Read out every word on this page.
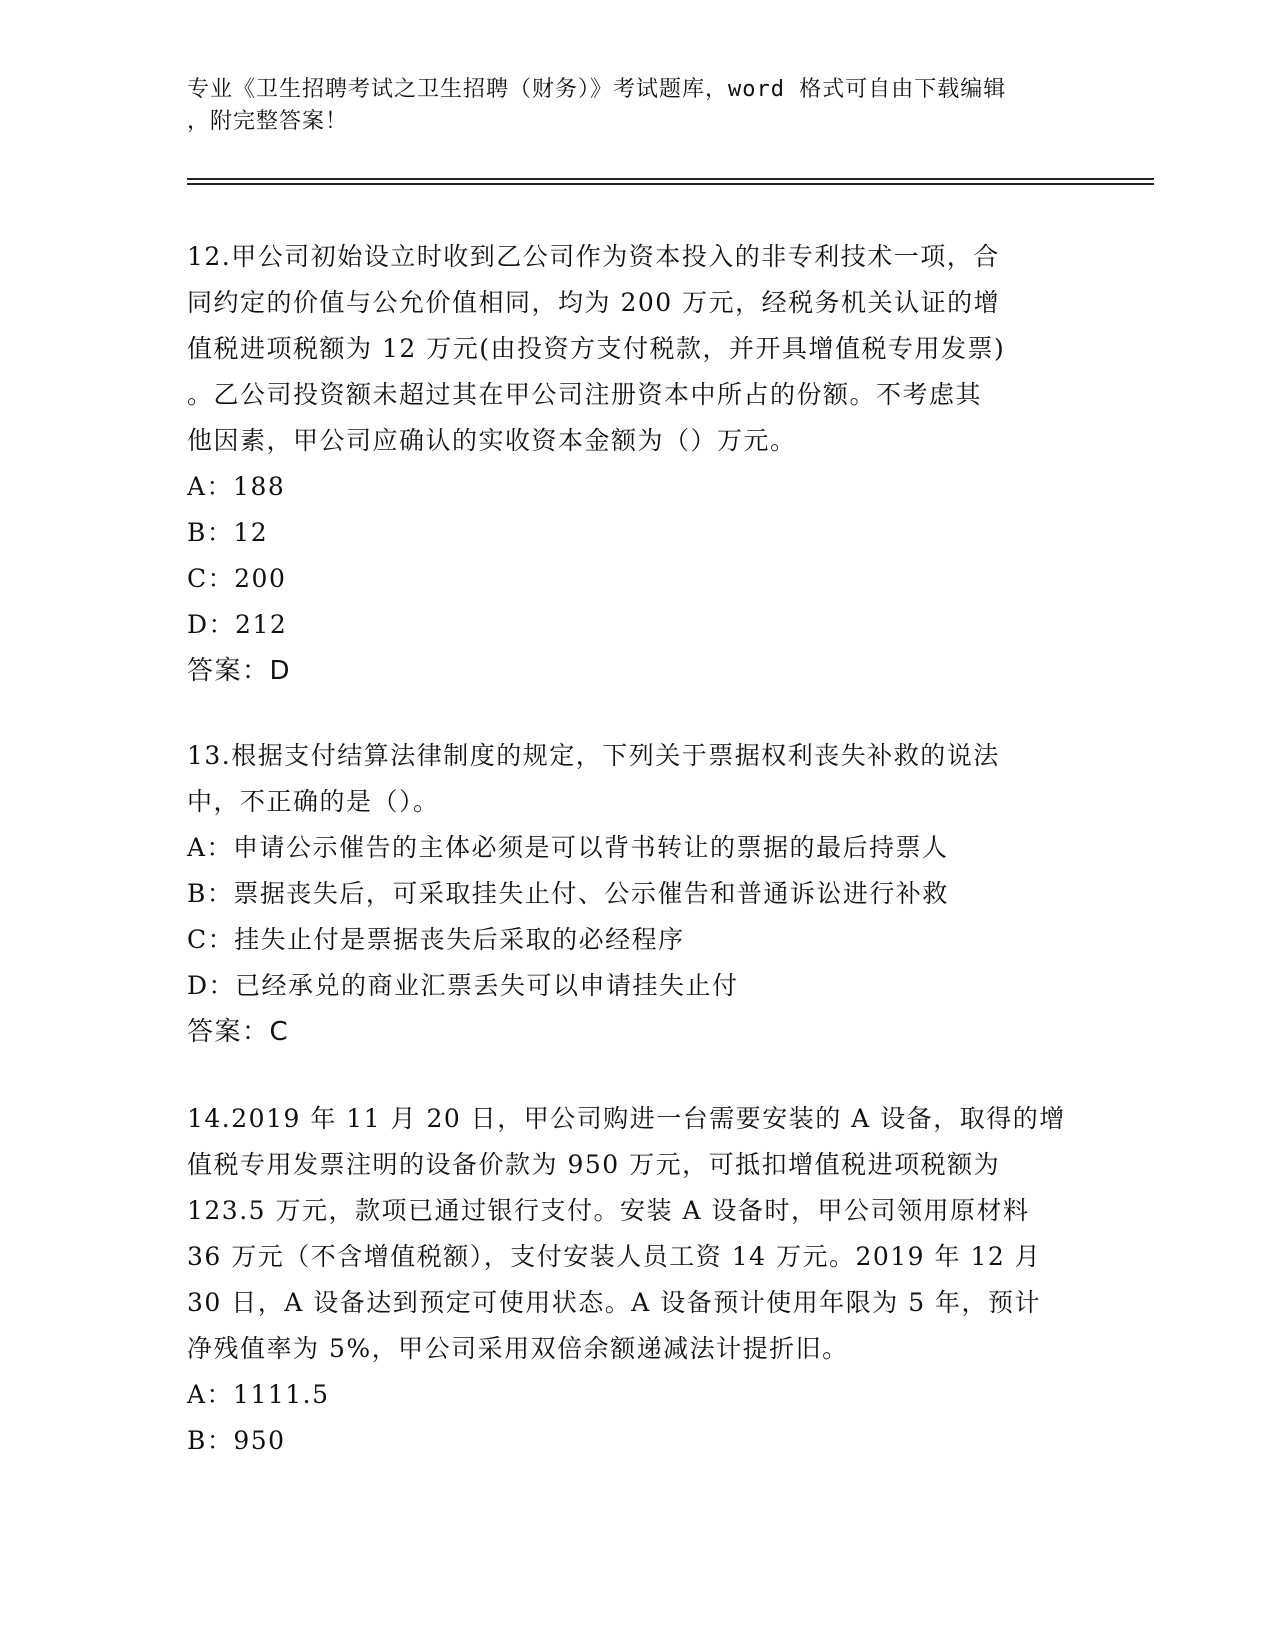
专业《卫生招聘考试之卫生招聘（财务）》考试题库，word 格式可自由下载编辑
，附完整答案！
12.甲公司初始设立时收到乙公司作为资本投入的非专利技术一项，合
同约定的价值与公允价值相同，均为 200 万元，经税务机关认证的增
值税进项税额为 12 万元(由投资方支付税款，并开具增值税专用发票)
。乙公司投资额未超过其在甲公司注册资本中所占的份额。不考虑其
他因素，甲公司应确认的实收资本金额为（）万元。
A：188
B：12
C：200
D：212
答案：D
13.根据支付结算法律制度的规定，下列关于票据权利丧失补救的说法
中，不正确的是（）。
A：申请公示催告的主体必须是可以背书转让的票据的最后持票人
B：票据丧失后，可采取挂失止付、公示催告和普通诉讼进行补救
C：挂失止付是票据丧失后采取的必经程序
D：已经承兑的商业汇票丢失可以申请挂失止付
答案：C
14.2019 年 11 月 20 日，甲公司购进一台需要安装的 A 设备，取得的增
值税专用发票注明的设备价款为 950 万元，可抵扣增值税进项税额为
123.5 万元，款项已通过银行支付。安装 A 设备时，甲公司领用原材料
36 万元（不含增值税额），支付安装人员工资 14 万元。2019 年 12 月
30 日，A 设备达到预定可使用状态。A 设备预计使用年限为 5 年，预计
净残值率为 5%，甲公司采用双倍余额递减法计提折旧。
A：1111.5
B：950
